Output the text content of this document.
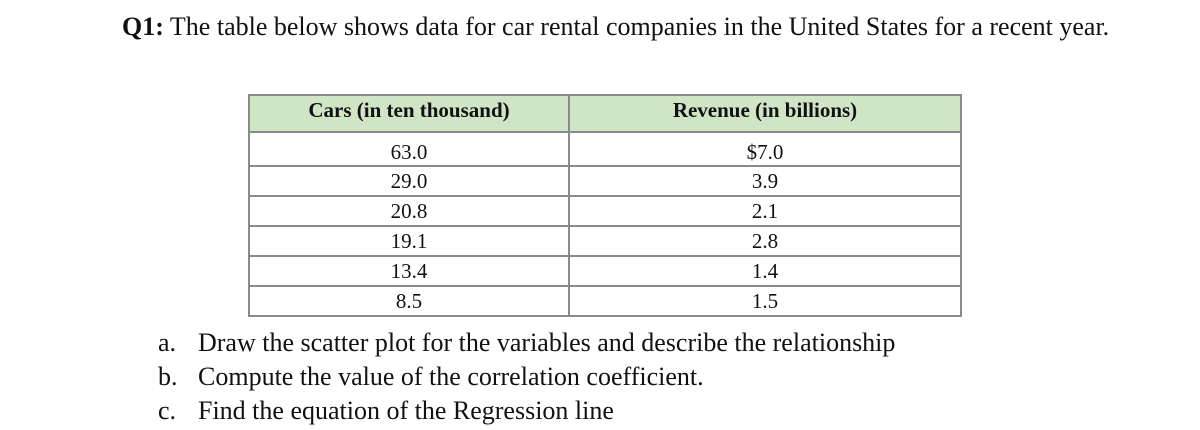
Q1: The table below shows data for car rental companies in the United States for a recent year.
Cars (in ten thousand)	Revenue (in billions)
63.0	$7.0
29.0	3.9
20.8	2.1
19.1	2.8
13.4	1.4
8.5	1.5
a. Draw the scatter plot for the variables and describe the relationship
b. Compute the value of the correlation coefficient.
c. Find the equation of the Regression line
